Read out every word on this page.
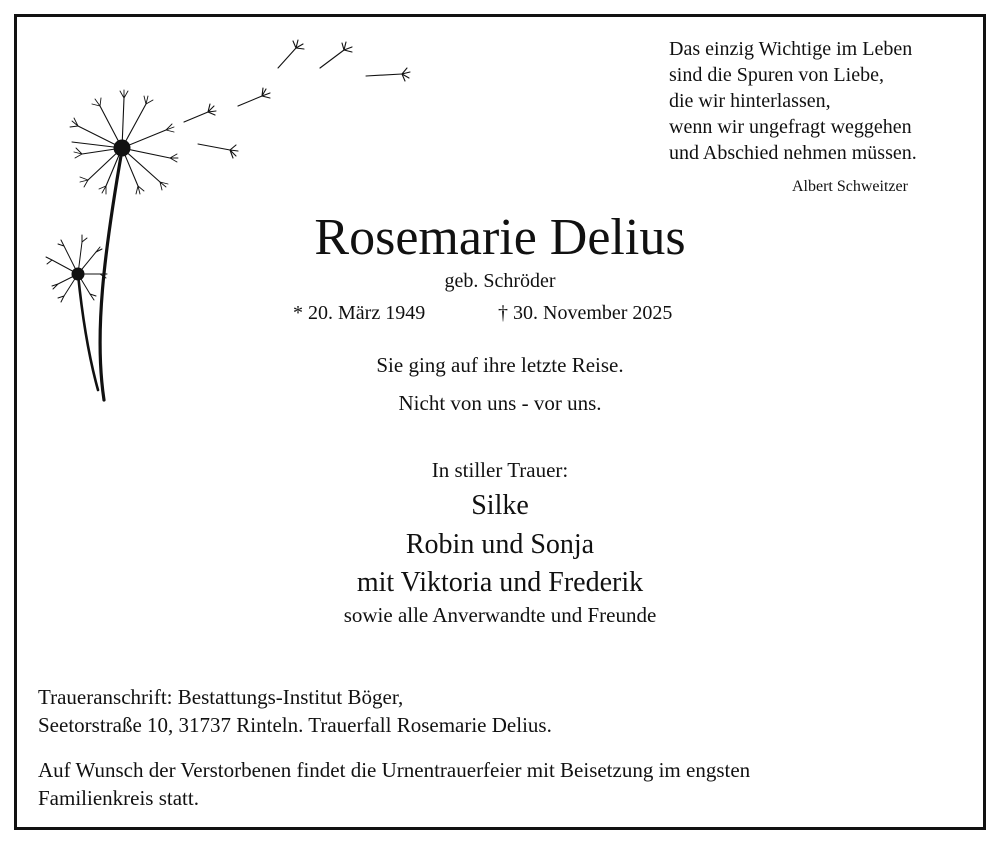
Das einzig Wichtige im Leben
sind die Spuren von Liebe,
die wir hinterlassen,
wenn wir ungefragt weggehen
und Abschied nehmen müssen.
Albert Schweitzer
Rosemarie Delius
geb. Schröder
* 20. März 1949	† 30. November 2025
Sie ging auf ihre letzte Reise.
Nicht von uns - vor uns.
In stiller Trauer:
Silke
Robin und Sonja
mit Viktoria und Frederik
sowie alle Anverwandte und Freunde
Traueranschrift: Bestattungs-Institut Böger,
Seetorstraße 10, 31737 Rinteln. Trauerfall Rosemarie Delius.
Auf Wunsch der Verstorbenen findet die Urnentrauerfeier mit Beisetzung im engsten
Familienkreis statt.
